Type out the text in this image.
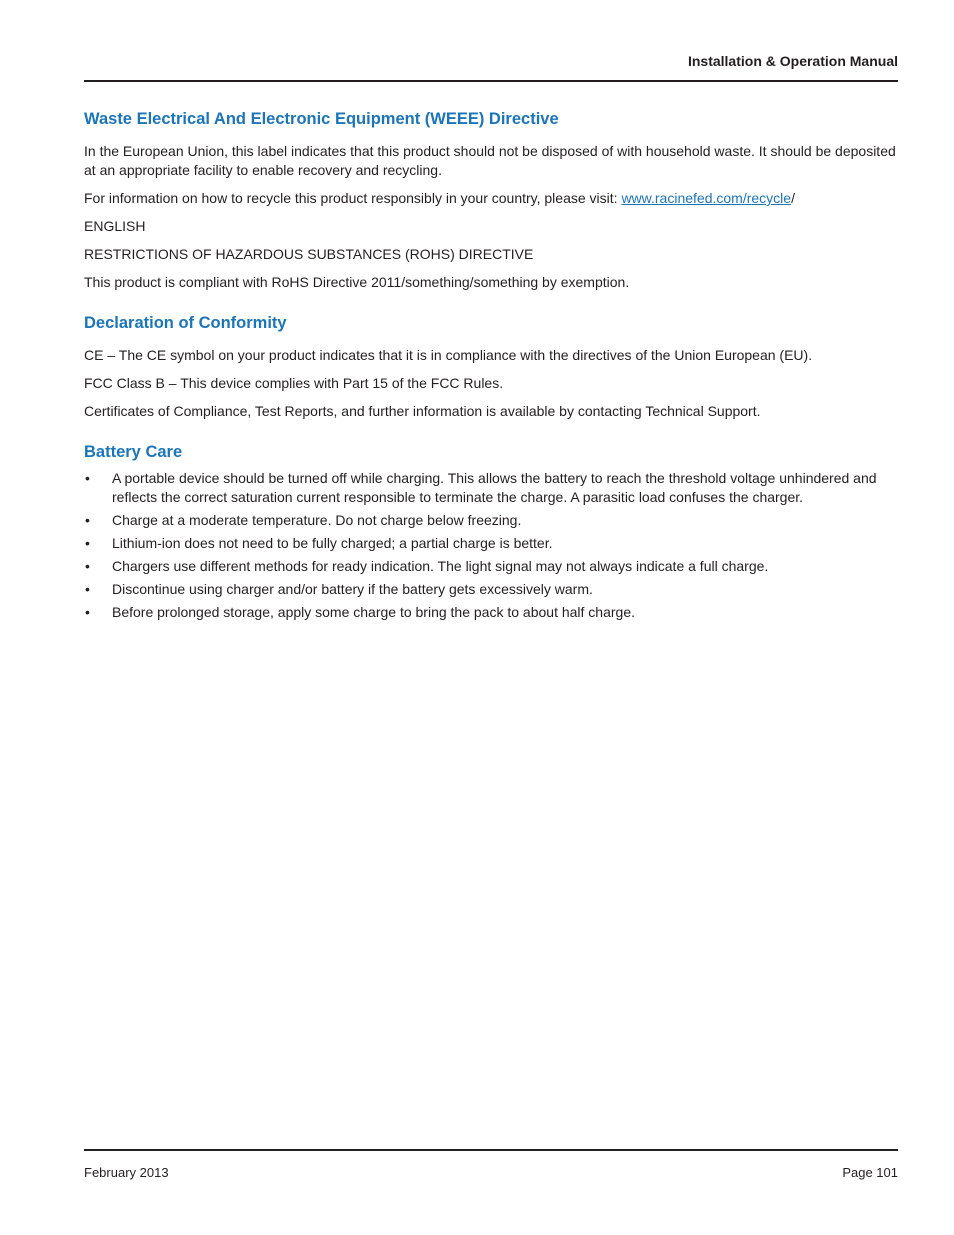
Installation & Operation Manual
Waste Electrical And Electronic Equipment (WEEE) Directive

In the European Union, this label indicates that this product should not be disposed of with household waste. It should be deposited at an appropriate facility to enable recovery and recycling.

For information on how to recycle this product responsibly in your country, please visit: www.racinefed.com/recycle/

ENGLISH

RESTRICTIONS OF HAZARDOUS SUBSTANCES (ROHS) DIRECTIVE

This product is compliant with RoHS Directive 2011/something/something by exemption.

Declaration of Conformity

CE – The CE symbol on your product indicates that it is in compliance with the directives of the Union European (EU).

FCC Class B – This device complies with Part 15 of the FCC Rules.

Certificates of Compliance, Test Reports, and further information is available by contacting Technical Support.

Battery Care
• A portable device should be turned off while charging. This allows the battery to reach the threshold voltage unhindered and reflects the correct saturation current responsible to terminate the charge. A parasitic load confuses the charger.
• Charge at a moderate temperature. Do not charge below freezing.
• Lithium-ion does not need to be fully charged; a partial charge is better.
• Chargers use different methods for ready indication. The light signal may not always indicate a full charge.
• Discontinue using charger and/or battery if the battery gets excessively warm.
• Before prolonged storage, apply some charge to bring the pack to about half charge.
February 2013	Page 101
